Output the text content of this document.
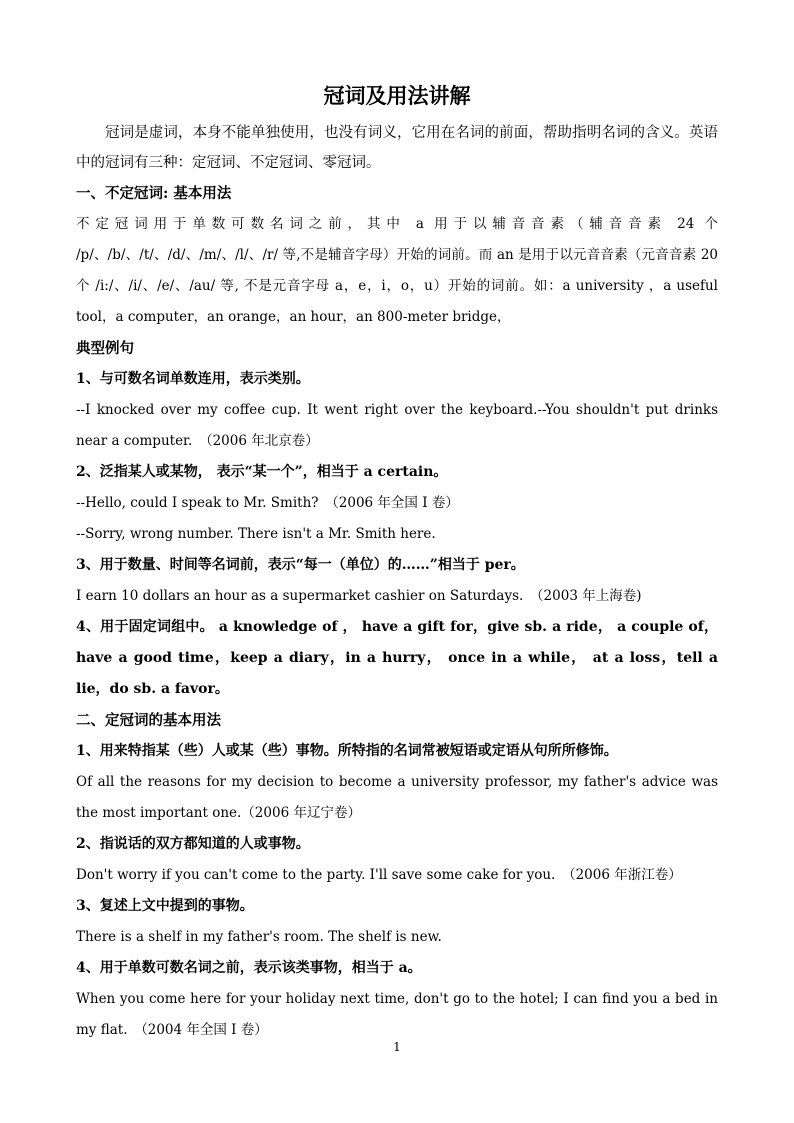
冠词及用法讲解

冠词是虚词，本身不能单独使用，也没有词义，它用在名词的前面，帮助指明名词的含义。英语中的冠词有三种：定冠词、不定冠词、零冠词。

一、不定冠词: 基本用法

不定冠词用于单数可数名词之前，其中 a 用于以辅音音素（辅音音素 24 个 /p/、/b/、/t/、/d/、/m/、/l/、/r/ 等,不是辅音字母）开始的词前。而 an 是用于以元音音素（元音音素 20 个 /i:/、/i/、/e/、/au/ 等, 不是元音字母 a，e，i，o，u）开始的词前。如：a university ，a useful tool，a computer，an orange，an hour，an 800-meter bridge，

典型例句

1、与可数名词单数连用，表示类别。

--I knocked over my coffee cup. It went right over the keyboard.--You shouldn't put drinks near a computer.　（2006 年北京卷）

2、泛指某人或某物， 表示“某一个”，相当于 a certain。

--Hello, could I speak to Mr. Smith?　（2006 年全国 I 卷）

--Sorry, wrong number. There isn't a Mr. Smith here.

3、用于数量、时间等名词前，表示“每一（单位）的……”相当于 per。

I earn 10 dollars an hour as a supermarket cashier on Saturdays.　（2003 年上海卷)

4、用于固定词组中。 a knowledge of ， have a gift for，give sb. a ride， a couple of，have a good time，keep a diary，in a hurry， once in a while， at a loss，tell a lie，do sb. a favor。

二、定冠词的基本用法

1、用来特指某（些）人或某（些）事物。所特指的名词常被短语或定语从句所所修饰。

Of all the reasons for my decision to become a university professor, my father's advice was the most important one.（2006 年辽宁卷）

2、指说话的双方都知道的人或事物。

Don't worry if you can't come to the party. I'll save some cake for you.　（2006 年浙江卷）

3、复述上文中提到的事物。

There is a shelf in my father's room. The shelf is new.

4、用于单数可数名词之前，表示该类事物，相当于 a。

When you come here for your holiday next time, don't go to the hotel; I can find you a bed in my flat.　（2004 年全国 I 卷）

1
